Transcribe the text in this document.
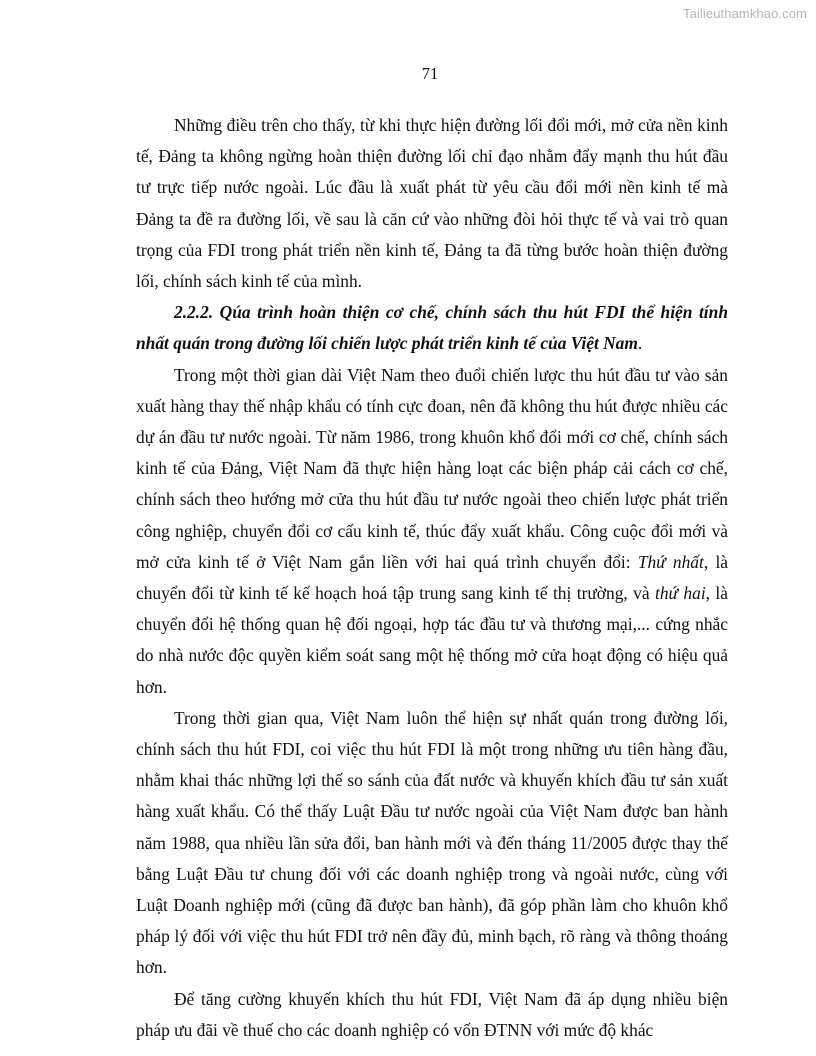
Tailieuthamkhao.com
71

Những điều trên cho thấy, từ khi thực hiện đường lối đổi mới, mở cửa nền kinh tế, Đảng ta không ngừng hoàn thiện đường lối chỉ đạo nhằm đẩy mạnh thu hút đầu tư trực tiếp nước ngoài. Lúc đầu là xuất phát từ yêu cầu đổi mới nền kinh tế mà Đảng ta đề ra đường lối, về sau là căn cứ vào những đòi hỏi thực tế và vai trò quan trọng của FDI trong phát triển nền kinh tế, Đảng ta đã từng bước hoàn thiện đường lối, chính sách kinh tế của mình.

2.2.2. Qúa trình hoàn thiện cơ chế, chính sách thu hút FDI thể hiện tính nhất quán trong đường lối chiến lược phát triển kinh tế của Việt Nam.

Trong một thời gian dài Việt Nam theo đuổi chiến lược thu hút đầu tư vào sản xuất hàng thay thế nhập khẩu có tính cực đoan, nên đã không thu hút được nhiều các dự án đầu tư nước ngoài. Từ năm 1986, trong khuôn khổ đổi mới cơ chế, chính sách kinh tế của Đảng, Việt Nam đã thực hiện hàng loạt các biện pháp cải cách cơ chế, chính sách theo hướng mở cửa thu hút đầu tư nước ngoài theo chiến lược phát triển công nghiệp, chuyển đổi cơ cấu kinh tế, thúc đẩy xuất khẩu. Công cuộc đổi mới và mở cửa kinh tế ở Việt Nam gắn liền với hai quá trình chuyển đổi: Thứ nhất, là chuyển đổi từ kinh tế kế hoạch hoá tập trung sang kinh tế thị trường, và thứ hai, là chuyển đổi hệ thống quan hệ đối ngoại, hợp tác đầu tư và thương mại,... cứng nhắc do nhà nước độc quyền kiểm soát sang một hệ thống mở cửa hoạt động có hiệu quả hơn.

Trong thời gian qua, Việt Nam luôn thể hiện sự nhất quán trong đường lối, chính sách thu hút FDI, coi việc thu hút FDI là một trong những ưu tiên hàng đầu, nhằm khai thác những lợi thế so sánh của đất nước và khuyến khích đầu tư sản xuất hàng xuất khẩu. Có thể thấy Luật Đầu tư nước ngoài của Việt Nam được ban hành năm 1988, qua nhiều lần sửa đổi, ban hành mới và đến tháng 11/2005 được thay thế bằng Luật Đầu tư chung đối với các doanh nghiệp trong và ngoài nước, cùng với Luật Doanh nghiệp mới (cũng đã được ban hành), đã góp phần làm cho khuôn khổ pháp lý đối với việc thu hút FDI trở nên đầy đủ, minh bạch, rõ ràng và thông thoáng hơn.

Để tăng cường khuyến khích thu hút FDI, Việt Nam đã áp dụng nhiều biện pháp ưu đãi về thuế cho các doanh nghiệp có vốn ĐTNN với mức độ khác
